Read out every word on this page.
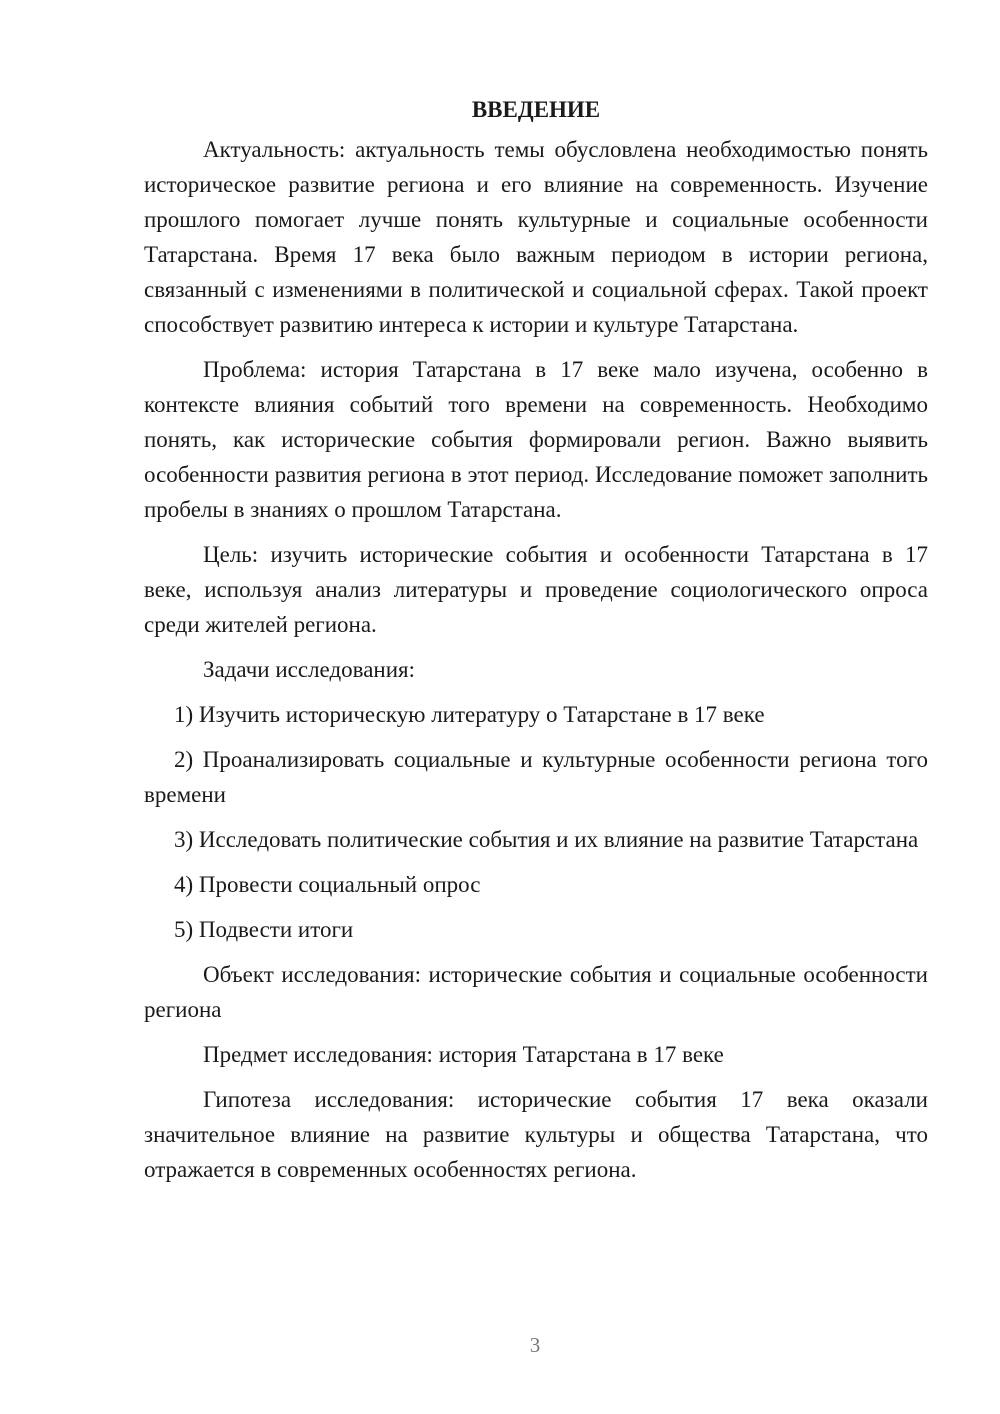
ВВЕДЕНИЕ

Актуальность: актуальность темы обусловлена необходимостью понять историческое развитие региона и его влияние на современность. Изучение прошлого помогает лучше понять культурные и социальные особенности Татарстана. Время 17 века было важным периодом в истории региона, связанный с изменениями в политической и социальной сферах. Такой проект способствует развитию интереса к истории и культуре Татарстана.

Проблема: история Татарстана в 17 веке мало изучена, особенно в контексте влияния событий того времени на современность. Необходимо понять, как исторические события формировали регион. Важно выявить особенности развития региона в этот период. Исследование поможет заполнить пробелы в знаниях о прошлом Татарстана.

Цель: изучить исторические события и особенности Татарстана в 17 веке, используя анализ литературы и проведение социологического опроса среди жителей региона.

Задачи исследования:

1) Изучить историческую литературу о Татарстане в 17 веке

2) Проанализировать социальные и культурные особенности региона того времени

3) Исследовать политические события и их влияние на развитие Татарстана

4) Провести социальный опрос

5) Подвести итоги

Объект исследования: исторические события и социальные особенности региона

Предмет исследования: история Татарстана в 17 веке

Гипотеза исследования: исторические события 17 века оказали значительное влияние на развитие культуры и общества Татарстана, что отражается в современных особенностях региона.

3
